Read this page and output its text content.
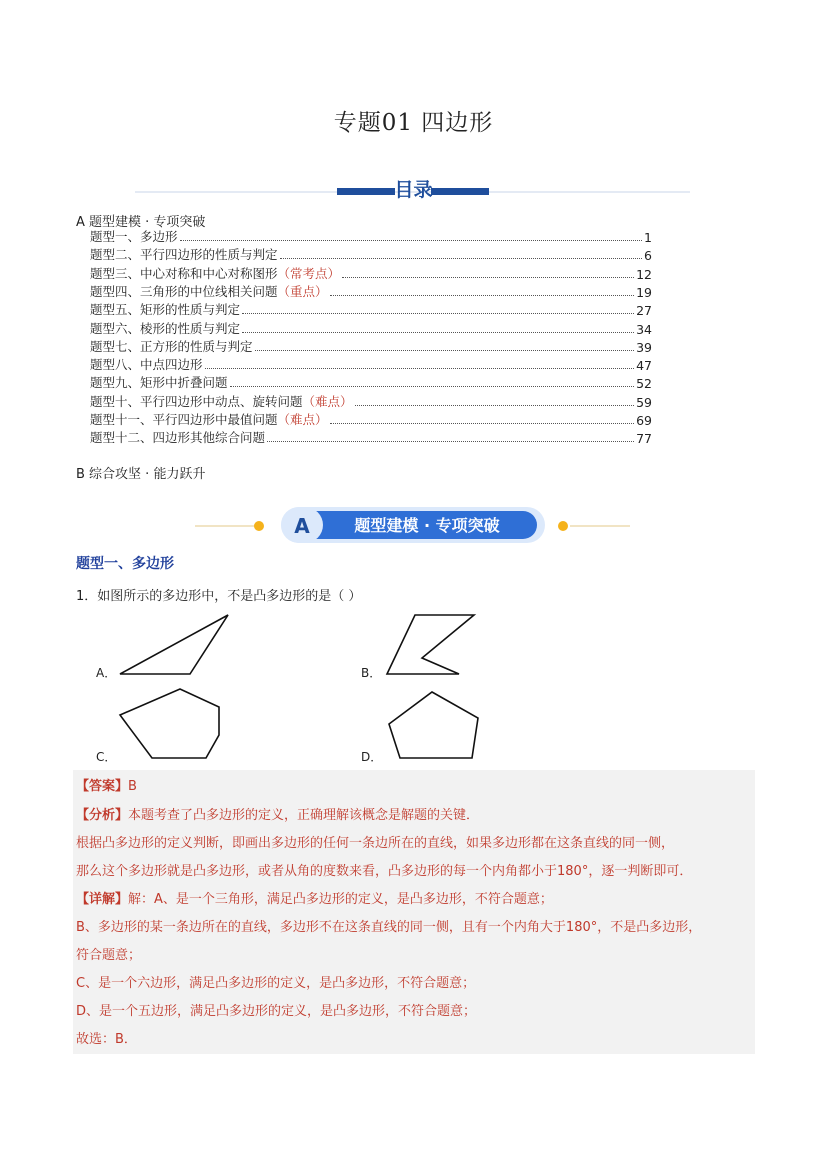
专题01 四边形
目录
A 题型建模 · 专项突破
题型一、多边形	1
题型二、平行四边形的性质与判定	6
题型三、中心对称和中心对称图形 （常考点）	12
题型四、三角形的中位线相关问题 （重点）	19
题型五、矩形的性质与判定	27
题型六、棱形的性质与判定	34
题型七、正方形的性质与判定	39
题型八、中点四边形	47
题型九、矩形中折叠问题	52
题型十、平行四边形中动点、旋转问题 （难点）	59
题型十一、平行四边形中最值问题 （难点）	69
题型十二、四边形其他综合问题	77
B 综合攻坚 · 能力跃升
A	题型建模 · 专项突破
题型一、多边形
1．如图所示的多边形中，不是凸多边形的是（ ）
A．	B．
C．	D．
【答案】B
【分析】本题考查了凸多边形的定义，正确理解该概念是解题的关键．
根据凸多边形的定义判断，即画出多边形的任何一条边所在的直线，如果多边形都在这条直线的同一侧，
那么这个多边形就是凸多边形，或者从角的度数来看，凸多边形的每一个内角都小于180°，逐一判断即可．
【详解】解：A、是一个三角形，满足凸多边形的定义，是凸多边形，不符合题意；
B、多边形的某一条边所在的直线，多边形不在这条直线的同一侧，且有一个内角大于180°，不是凸多边形，
符合题意；
C、是一个六边形，满足凸多边形的定义，是凸多边形，不符合题意；
D、是一个五边形，满足凸多边形的定义，是凸多边形，不符合题意；
故选：B．
